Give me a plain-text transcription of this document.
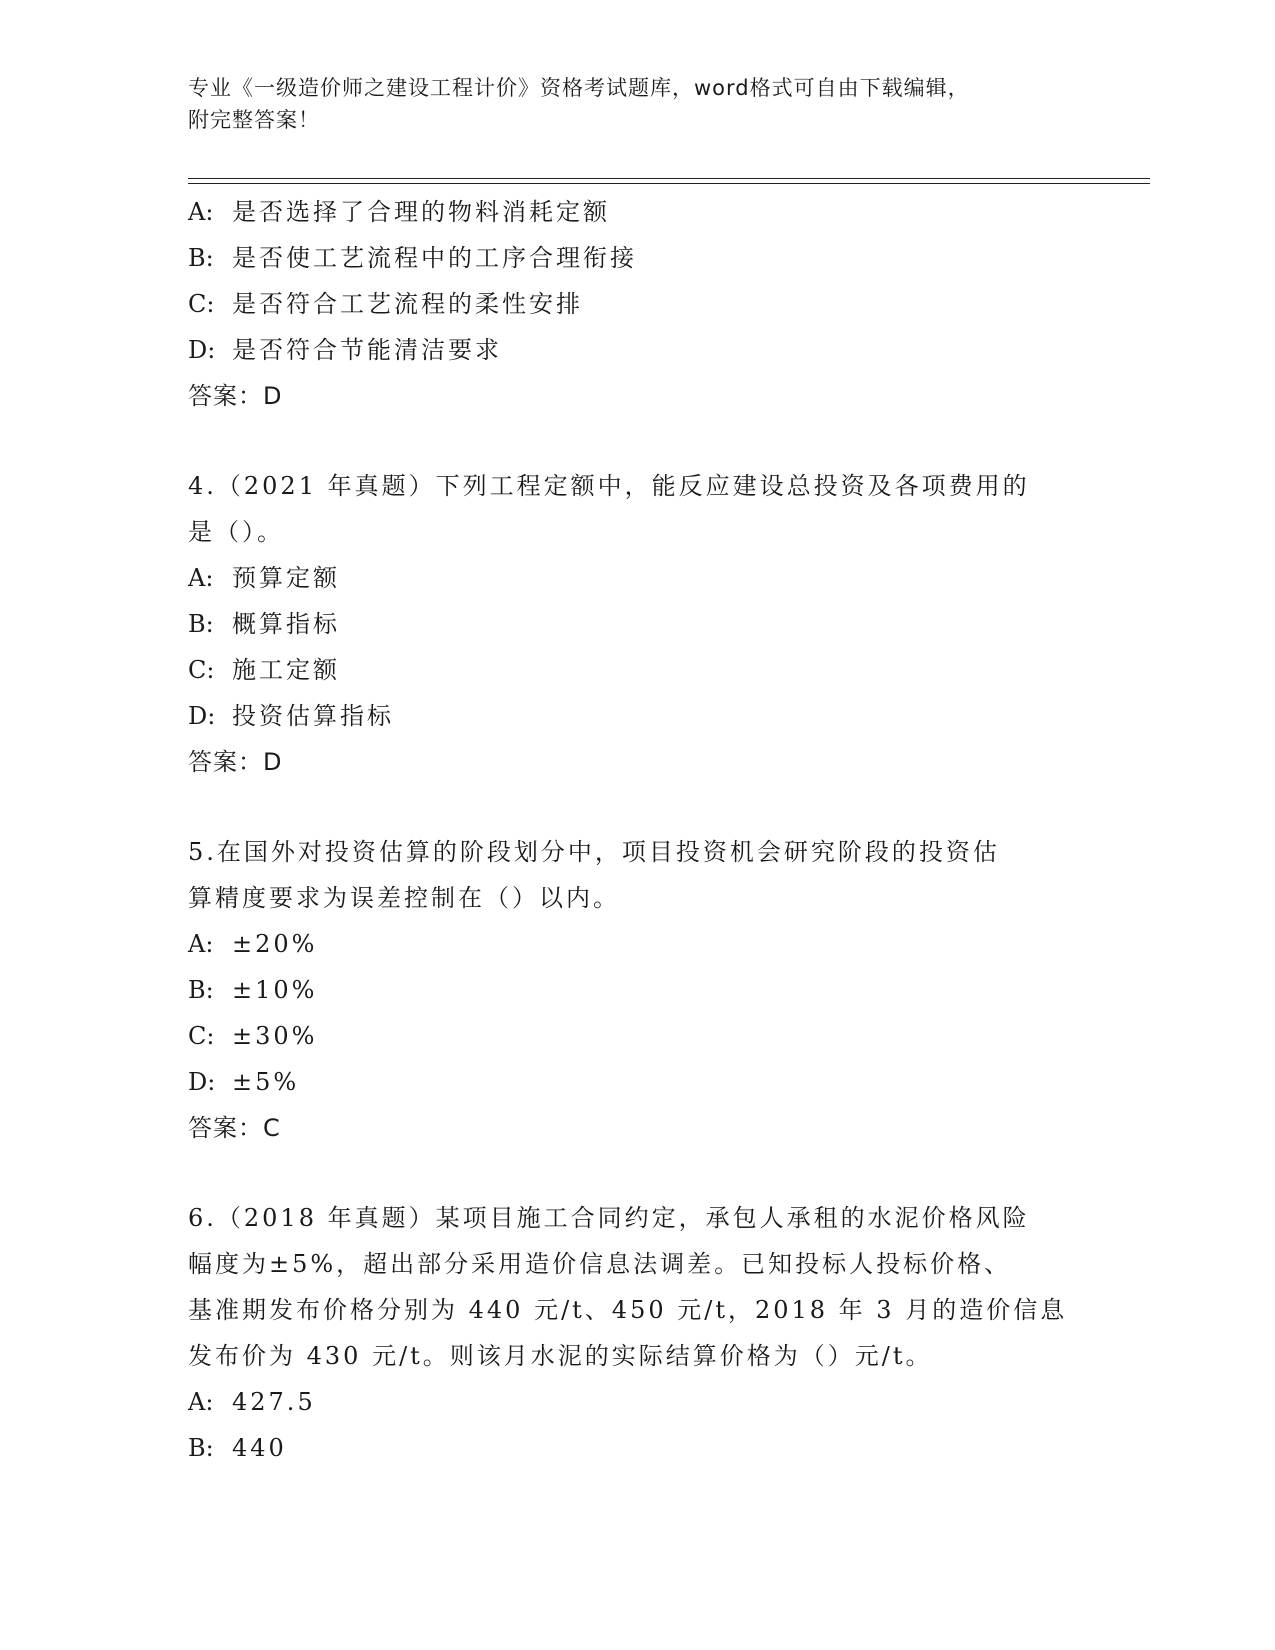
专业《一级造价师之建设工程计价》资格考试题库，word格式可自由下载编辑，
附完整答案！
A: 是否选择了合理的物料消耗定额
B: 是否使工艺流程中的工序合理衔接
C: 是否符合工艺流程的柔性安排
D: 是否符合节能清洁要求
答案：D
4.（2021 年真题）下列工程定额中，能反应建设总投资及各项费用的
是（）。
A: 预算定额
B: 概算指标
C: 施工定额
D: 投资估算指标
答案：D
5.在国外对投资估算的阶段划分中，项目投资机会研究阶段的投资估
算精度要求为误差控制在（）以内。
A: ±20%
B: ±10%
C: ±30%
D: ±5%
答案：C
6.（2018 年真题）某项目施工合同约定，承包人承租的水泥价格风险
幅度为±5%，超出部分采用造价信息法调差。已知投标人投标价格、
基准期发布价格分别为 440 元/t、450 元/t，2018 年 3 月的造价信息
发布价为 430 元/t。则该月水泥的实际结算价格为（）元/t。
A: 427.5
B: 440
